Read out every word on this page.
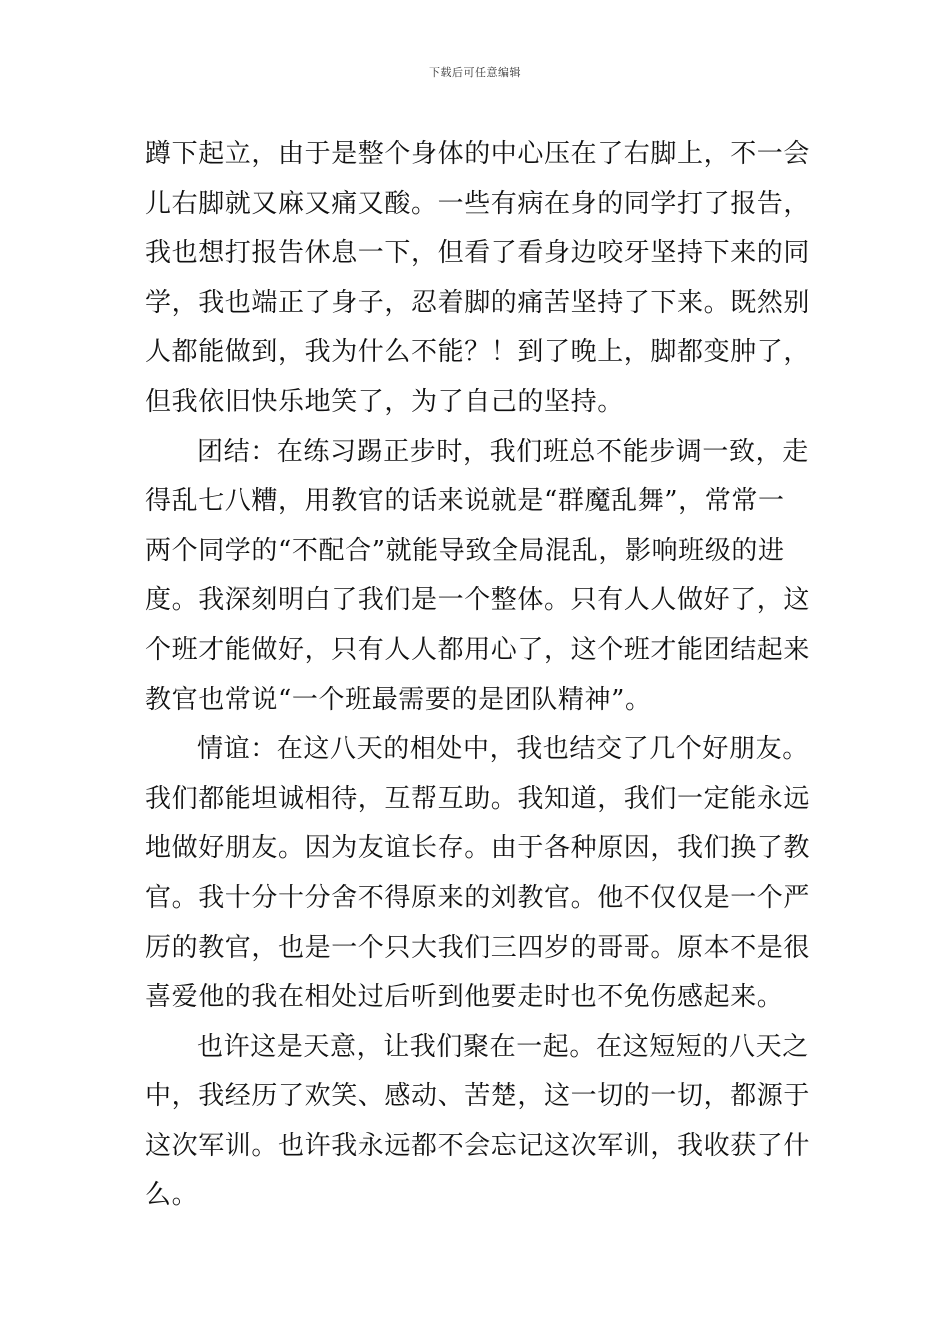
下载后可任意编辑
蹲下起立，由于是整个身体的中心压在了右脚上，不一会
儿右脚就又麻又痛又酸。一些有病在身的同学打了报告，
我也想打报告休息一下，但看了看身边咬牙坚持下来的同
学，我也端正了身子，忍着脚的痛苦坚持了下来。既然别
人都能做到，我为什么不能？！到了晚上，脚都变肿了，
但我依旧快乐地笑了，为了自己的坚持。
团结：在练习踢正步时，我们班总不能步调一致，走
得乱七八糟，用教官的话来说就是“群魔乱舞”，常常一
两个同学的“不配合”就能导致全局混乱，影响班级的进
度。我深刻明白了我们是一个整体。只有人人做好了，这
个班才能做好，只有人人都用心了，这个班才能团结起来
教官也常说“一个班最需要的是团队精神”。
情谊：在这八天的相处中，我也结交了几个好朋友。
我们都能坦诚相待，互帮互助。我知道，我们一定能永远
地做好朋友。因为友谊长存。由于各种原因，我们换了教
官。我十分十分舍不得原来的刘教官。他不仅仅是一个严
厉的教官，也是一个只大我们三四岁的哥哥。原本不是很
喜爱他的我在相处过后听到他要走时也不免伤感起来。
也许这是天意，让我们聚在一起。在这短短的八天之
中，我经历了欢笑、感动、苦楚，这一切的一切，都源于
这次军训。也许我永远都不会忘记这次军训，我收获了什
么。
